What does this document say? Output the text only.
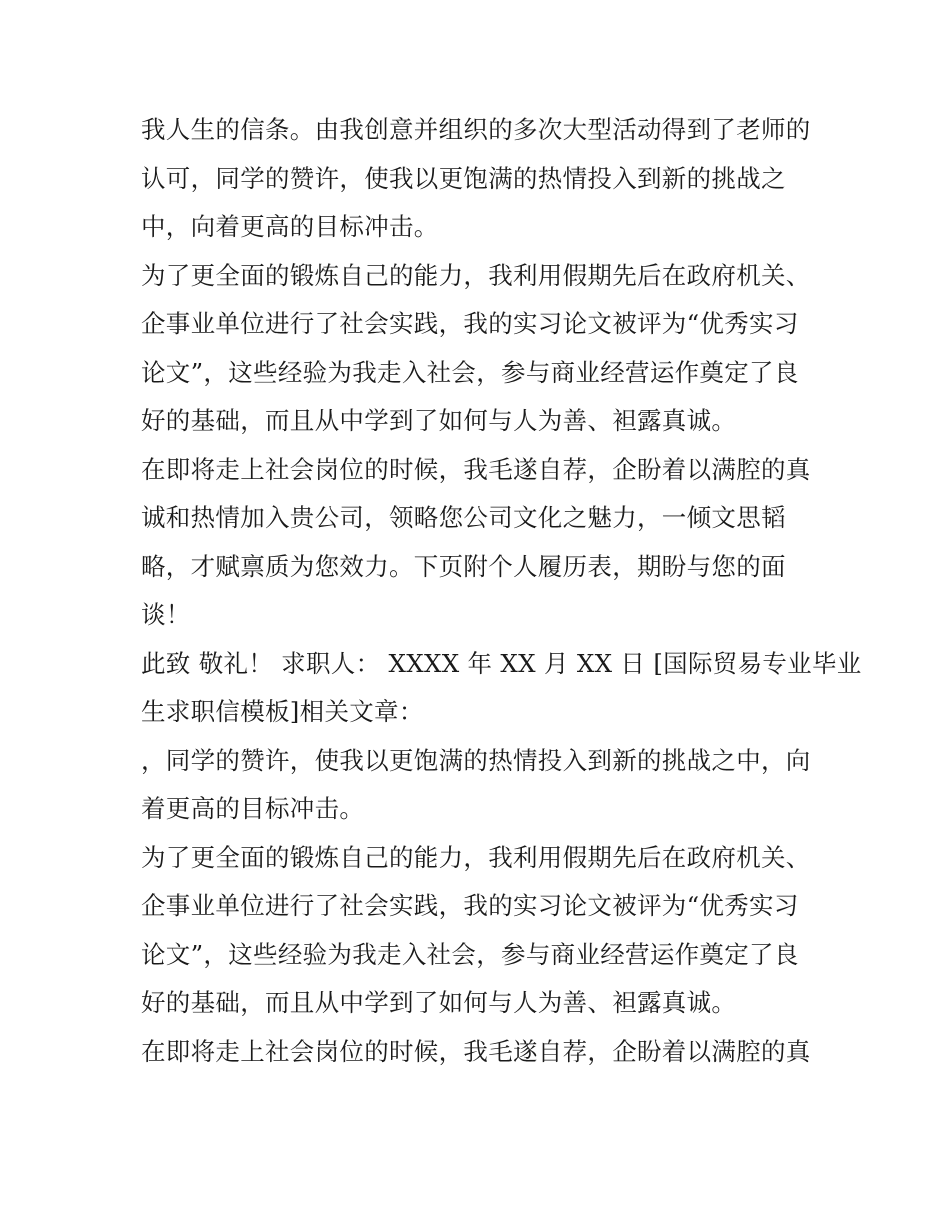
我人生的信条。由我创意并组织的多次大型活动得到了老师的
认可，同学的赞许，使我以更饱满的热情投入到新的挑战之
中，向着更高的目标冲击。
为了更全面的锻炼自己的能力，我利用假期先后在政府机关、
企事业单位进行了社会实践，我的实习论文被评为“优秀实习
论文”，这些经验为我走入社会，参与商业经营运作奠定了良
好的基础，而且从中学到了如何与人为善、袒露真诚。
在即将走上社会岗位的时候，我毛遂自荐，企盼着以满腔的真
诚和热情加入贵公司，领略您公司文化之魅力，一倾文思韬
略，才赋禀质为您效力。下页附个人履历表，期盼与您的面
谈！
此致 敬礼！ 求职人： XXXX 年 XX 月 XX 日 [国际贸易专业毕业
生求职信模板]相关文章：
，同学的赞许，使我以更饱满的热情投入到新的挑战之中，向
着更高的目标冲击。
为了更全面的锻炼自己的能力，我利用假期先后在政府机关、
企事业单位进行了社会实践，我的实习论文被评为“优秀实习
论文”，这些经验为我走入社会，参与商业经营运作奠定了良
好的基础，而且从中学到了如何与人为善、袒露真诚。
在即将走上社会岗位的时候，我毛遂自荐，企盼着以满腔的真
